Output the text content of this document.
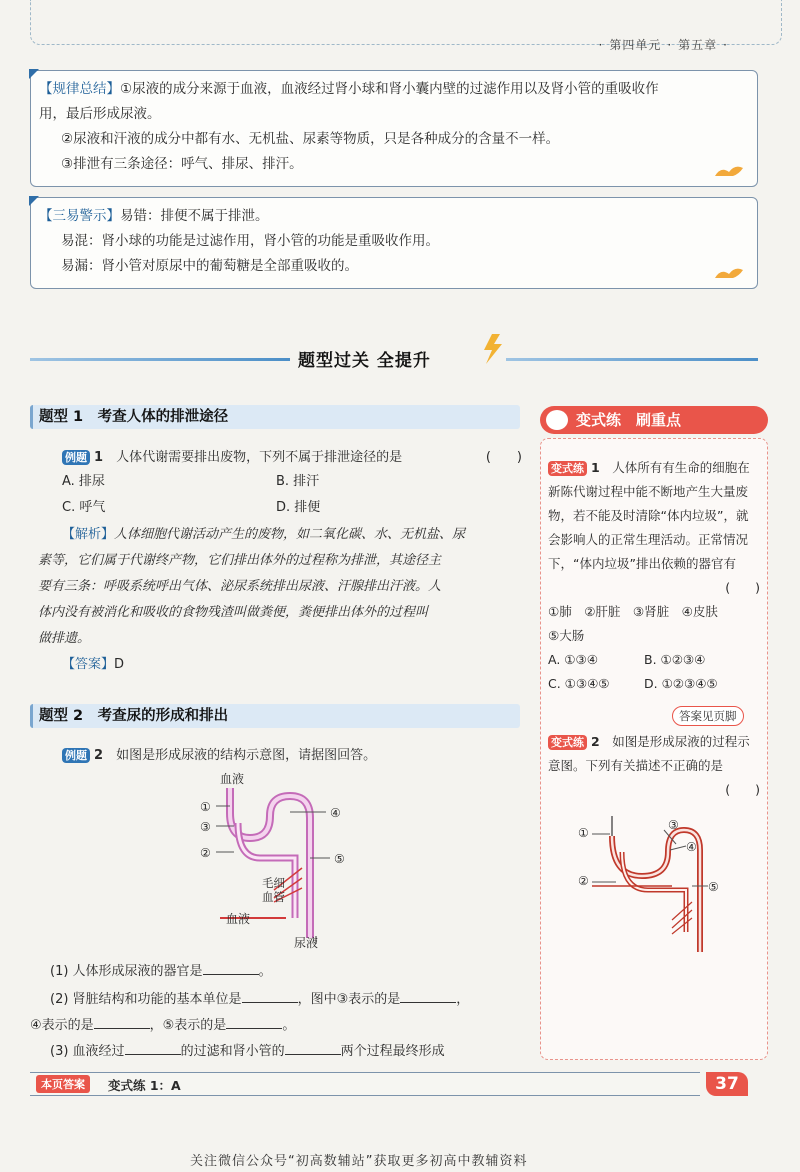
· 第四单元 · 第五章 ·

【规律总结】①尿液的成分来源于血液，血液经过肾小球和肾小囊内壁的过滤作用以及肾小管的重吸收作

用，最后形成尿液。

②尿液和汗液的成分中都有水、无机盐、尿素等物质，只是各种成分的含量不一样。

③排泄有三条途径：呼气、排尿、排汗。

【三易警示】易错：排便不属于排泄。

易混：肾小球的功能是过滤作用，肾小管的功能是重吸收作用。

易漏：肾小管对原尿中的葡萄糖是全部重吸收的。

题型过关 全提升
题型 1　考查人体的排泄途径
例题 1　 人体代谢需要排出废物，下列不属于排泄途径的是	(　　)
A. 排尿	B. 排汗
C. 呼气	D. 排便
【解析】人体细胞代谢活动产生的废物，如二氧化碳、水、无机盐、尿
素等，它们属于代谢终产物，它们排出体外的过程称为排泄，其途径主
要有三条：呼吸系统呼出气体、泌尿系统排出尿液、汗腺排出汗液。人
体内没有被消化和吸收的食物残渣叫做粪便，粪便排出体外的过程叫
做排遗。
【答案】D
题型 2　考查尿的形成和排出
例题 2　 如图是形成尿液的结构示意图，请据图回答。
血液
①
③
②
④
⑤
毛细
血管
血液
尿液
(1) 人体形成尿液的器官是	。
(2) 肾脏结构和功能的基本单位是	，图中③表示的是	，
④表示的是	，⑤表示的是	。
(3) 血液经过	的过滤和肾小管的	两个过程最终形成
变式练　刷重点
变式练 1　 人体所有有生命的细胞在
新陈代谢过程中能不断地产生大量废
物，若不能及时清除“体内垃圾”，就
会影响人的正常生理活动。正常情况
下，“体内垃圾”排出依赖的器官有
(　　)
①肺　②肝脏　③肾脏　④皮肤
⑤大肠
A. ①③④	B. ①②③④
C. ①③④⑤	D. ①②③④⑤
答案见页脚
变式练 2　 如图是形成尿液的过程示
意图。下列有关描述不正确的是
(　　)
①
②
③
④
⑤
本页答案	变式练 1：A	37
关注微信公众号“初高数辅站”获取更多初高中教辅资料
